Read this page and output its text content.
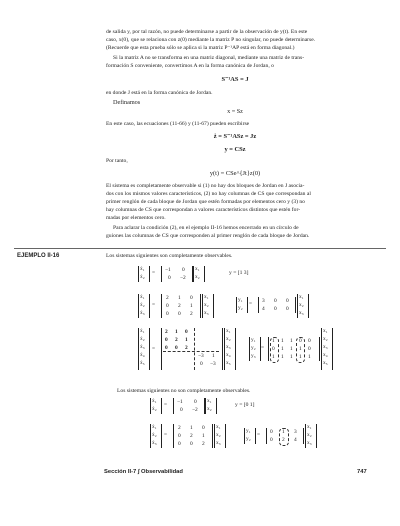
de salida y, por tal razón, no puede determinarse a partir de la observación de y(t). En este
caso, x(0), que se relaciona con z(0) mediante la matriz P no singular, no puede determinarse.
(Recuerde que esta prueba sólo se aplica si la matriz P⁻¹AP está en forma diagonal.)
Si la matriz A no se transforma en una matriz diagonal, mediante una matriz de trans-
formación S conveniente, convertimos A en la forma canónica de Jordan, o
S⁻¹AS = J
en donde J está en la forma canónica de Jordan.
Definamos
x = Sz
En este caso, las ecuaciones (11-66) y (11-67) pueden escribirse
ż = S⁻¹ASz = Jz
y = CSz
Por tanto,
y(t) = CSe^{Jt}z(0)
El sistema es completamente observable si (1) no hay dos bloques de Jordan en J asocia-
dos con los mismos valores característicos, (2) no hay columnas de CS que correspondan al
primer renglón de cada bloque de Jordan que estén formadas por elementos cero y (3) no
hay columnas de CS que correspondan a valores característicos distintos que estén for-
madas por elementos cero.
Para aclarar la condición (2), en el ejemplo II-16 hemos encerrado en un círculo de
guiones las columnas de CS que corresponden al primer renglón de cada bloque de Jordan.
EJEMPLO II-16	Los sistemas siguientes son completamente observables.
ẋ₁
ẋ₂
= −1 0
0 −2
x₁
x₂
y = [1 3]
ẋ₁
ẋ₂
ẋ₃
=
2 1 0
0 2 1
0 0 2
x₁
x₂
x₃
y₁
y₂
= 3 0 0
4 0 0
x₁
x₂
x₃
ẋ₁
ẋ₂
ẋ₃
ẋ₄
ẋ₅
=
2 1 0
0 2 1
0 0 2
−3 1
0 −3
x₁
x₂
x₃
x₄
x₅
y₁
y₂
y₃
=
1 1 1 0 0
0 1 1 1 0
1 1 1 1 1
x₁
x₂
x₃
x₄
x₅
Los sistemas siguientes no son completamente observables.
ẋ₁
ẋ₂
= −1 0
0 −2
x₁
x₂
y = [0 1]
ẋ₁
ẋ₂
ẋ₃
=
2 1 0
0 2 1
0 0 2
x₁
x₂
x₃
y₁
y₂
= 0 1 3
0 2 4
x₁
x₂
x₃
Sección II-7 ∫ Observabilidad	747
